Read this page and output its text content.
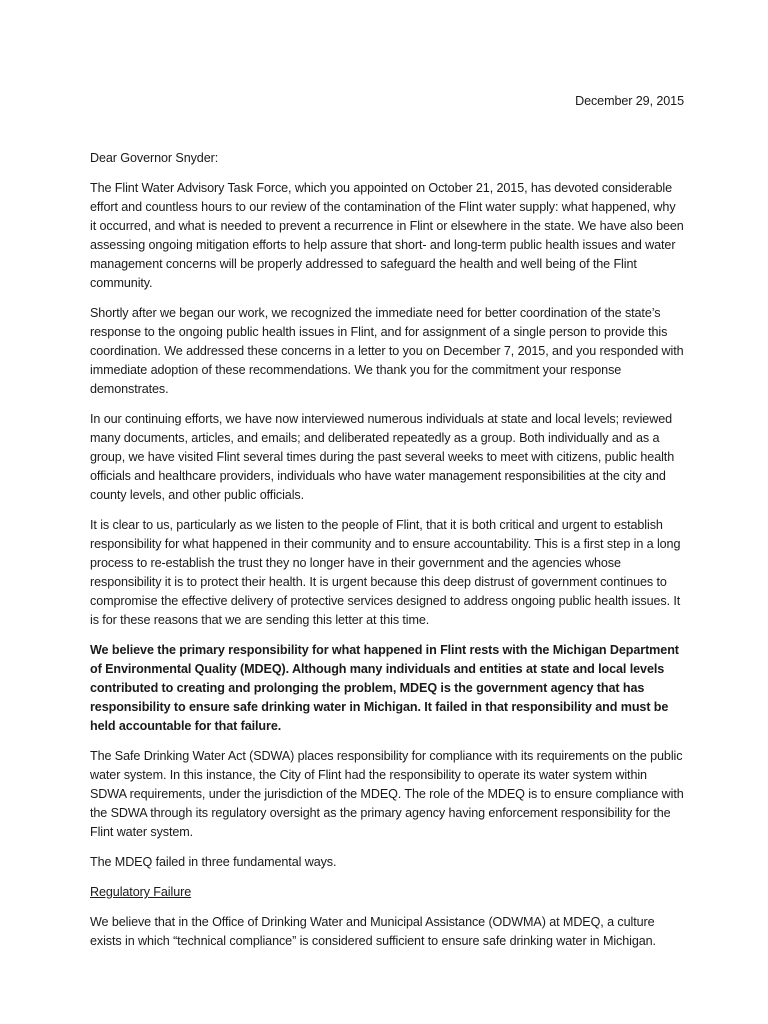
December 29, 2015

Dear Governor Snyder:

The Flint Water Advisory Task Force, which you appointed on October 21, 2015, has devoted considerable effort and countless hours to our review of the contamination of the Flint water supply: what happened, why it occurred, and what is needed to prevent a recurrence in Flint or elsewhere in the state. We have also been assessing ongoing mitigation efforts to help assure that short- and long-term public health issues and water management concerns will be properly addressed to safeguard the health and well being of the Flint community.

Shortly after we began our work, we recognized the immediate need for better coordination of the state’s response to the ongoing public health issues in Flint, and for assignment of a single person to provide this coordination. We addressed these concerns in a letter to you on December 7, 2015, and you responded with immediate adoption of these recommendations. We thank you for the commitment your response demonstrates.

In our continuing efforts, we have now interviewed numerous individuals at state and local levels; reviewed many documents, articles, and emails; and deliberated repeatedly as a group. Both individually and as a group, we have visited Flint several times during the past several weeks to meet with citizens, public health officials and healthcare providers, individuals who have water management responsibilities at the city and county levels, and other public officials.

It is clear to us, particularly as we listen to the people of Flint, that it is both critical and urgent to establish responsibility for what happened in their community and to ensure accountability. This is a first step in a long process to re-establish the trust they no longer have in their government and the agencies whose responsibility it is to protect their health. It is urgent because this deep distrust of government continues to compromise the effective delivery of protective services designed to address ongoing public health issues. It is for these reasons that we are sending this letter at this time.

We believe the primary responsibility for what happened in Flint rests with the Michigan Department of Environmental Quality (MDEQ). Although many individuals and entities at state and local levels contributed to creating and prolonging the problem, MDEQ is the government agency that has responsibility to ensure safe drinking water in Michigan. It failed in that responsibility and must be held accountable for that failure.

The Safe Drinking Water Act (SDWA) places responsibility for compliance with its requirements on the public water system. In this instance, the City of Flint had the responsibility to operate its water system within SDWA requirements, under the jurisdiction of the MDEQ. The role of the MDEQ is to ensure compliance with the SDWA through its regulatory oversight as the primary agency having enforcement responsibility for the Flint water system.

The MDEQ failed in three fundamental ways.

Regulatory Failure

We believe that in the Office of Drinking Water and Municipal Assistance (ODWMA) at MDEQ, a culture exists in which “technical compliance” is considered sufficient to ensure safe drinking water in Michigan.
